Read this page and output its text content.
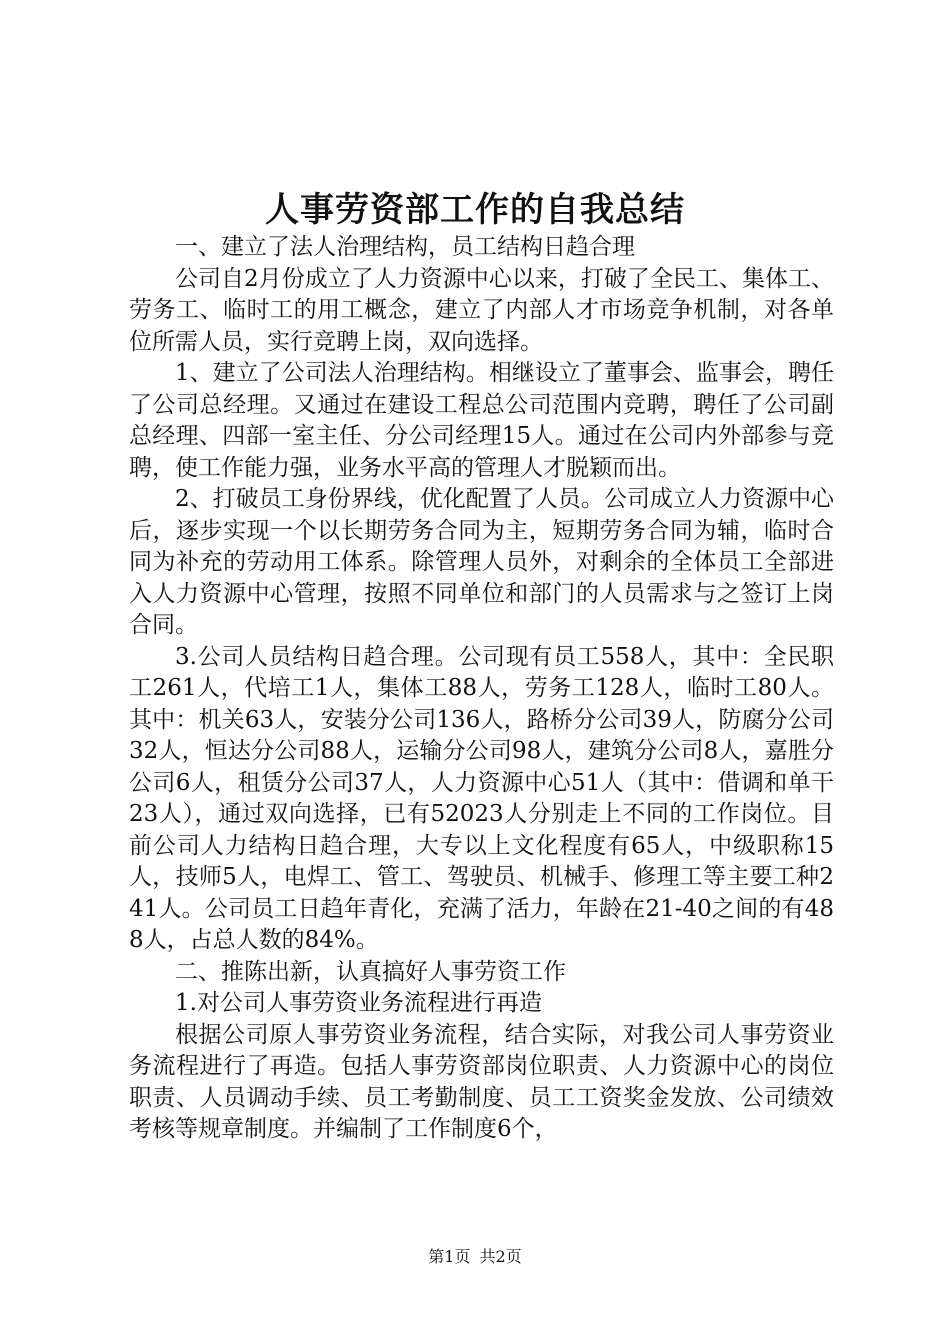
人事劳资部工作的自我总结

一、建立了法人治理结构，员工结构日趋合理

公司自2月份成立了人力资源中心以来，打破了全民工、集体工、劳务工、临时工的用工概念，建立了内部人才市场竞争机制，对各单位所需人员，实行竞聘上岗，双向选择。

1、建立了公司法人治理结构。相继设立了董事会、监事会，聘任了公司总经理。又通过在建设工程总公司范围内竞聘，聘任了公司副总经理、四部一室主任、分公司经理15人。通过在公司内外部参与竞聘，使工作能力强，业务水平高的管理人才脱颖而出。

2、打破员工身份界线，优化配置了人员。公司成立人力资源中心后，逐步实现一个以长期劳务合同为主，短期劳务合同为辅，临时合同为补充的劳动用工体系。除管理人员外，对剩余的全体员工全部进入人力资源中心管理，按照不同单位和部门的人员需求与之签订上岗合同。

3.公司人员结构日趋合理。公司现有员工558人，其中：全民职工261人，代培工1人，集体工88人，劳务工128人，临时工80人。其中：机关63人，安装分公司136人，路桥分公司39人，防腐分公司32人，恒达分公司88人，运输分公司98人，建筑分公司8人，嘉胜分公司6人，租赁分公司37人，人力资源中心51人（其中：借调和单干23人），通过双向选择，已有52023人分别走上不同的工作岗位。目前公司人力结构日趋合理，大专以上文化程度有65人，中级职称15人，技师5人，电焊工、管工、驾驶员、机械手、修理工等主要工种241人。公司员工日趋年青化，充满了活力，年龄在21-40之间的有488人，占总人数的84%。

二、推陈出新，认真搞好人事劳资工作

1.对公司人事劳资业务流程进行再造

根据公司原人事劳资业务流程，结合实际，对我公司人事劳资业务流程进行了再造。包括人事劳资部岗位职责、人力资源中心的岗位职责、人员调动手续、员工考勤制度、员工工资奖金发放、公司绩效考核等规章制度。并编制了工作制度6个，

第1页 共2页
